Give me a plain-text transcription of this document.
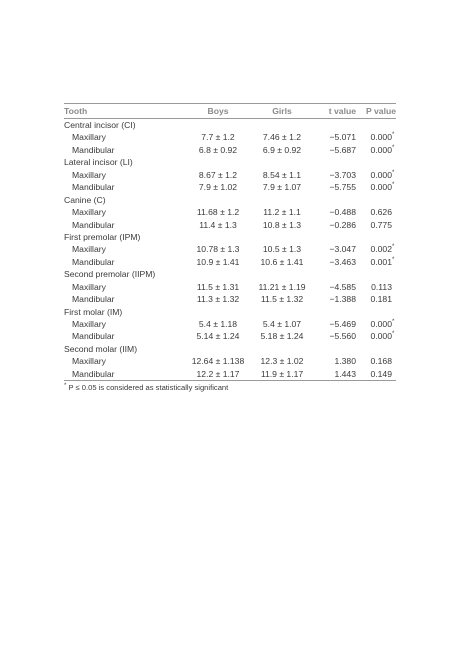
Tooth	Boys	Girls	t value	P value
Central incisor (CI)				
Maxillary	7.7 ± 1.2	7.46 ± 1.2	−5.071	0.000*
Mandibular	6.8 ± 0.92	6.9 ± 0.92	−5.687	0.000*
Lateral incisor (LI)				
Maxillary	8.67 ± 1.2	8.54 ± 1.1	−3.703	0.000*
Mandibular	7.9 ± 1.02	7.9 ± 1.07	−5.755	0.000*
Canine (C)				
Maxillary	11.68 ± 1.2	11.2 ± 1.1	−0.488	0.626
Mandibular	11.4 ± 1.3	10.8 ± 1.3	−0.286	0.775
First premolar (IPM)				
Maxillary	10.78 ± 1.3	10.5 ± 1.3	−3.047	0.002*
Mandibular	10.9 ± 1.41	10.6 ± 1.41	−3.463	0.001*
Second premolar (IIPM)				
Maxillary	11.5 ± 1.31	11.21 ± 1.19	−4.585	0.113
Mandibular	11.3 ± 1.32	11.5 ± 1.32	−1.388	0.181
First molar (IM)				
Maxillary	5.4 ± 1.18	5.4 ± 1.07	−5.469	0.000*
Mandibular	5.14 ± 1.24	5.18 ± 1.24	−5.560	0.000*
Second molar (IIM)				
Maxillary	12.64 ± 1.138	12.3 ± 1.02	1.380	0.168
Mandibular	12.2 ± 1.17	11.9 ± 1.17	1.443	0.149
* P ≤ 0.05 is considered as statistically significant
